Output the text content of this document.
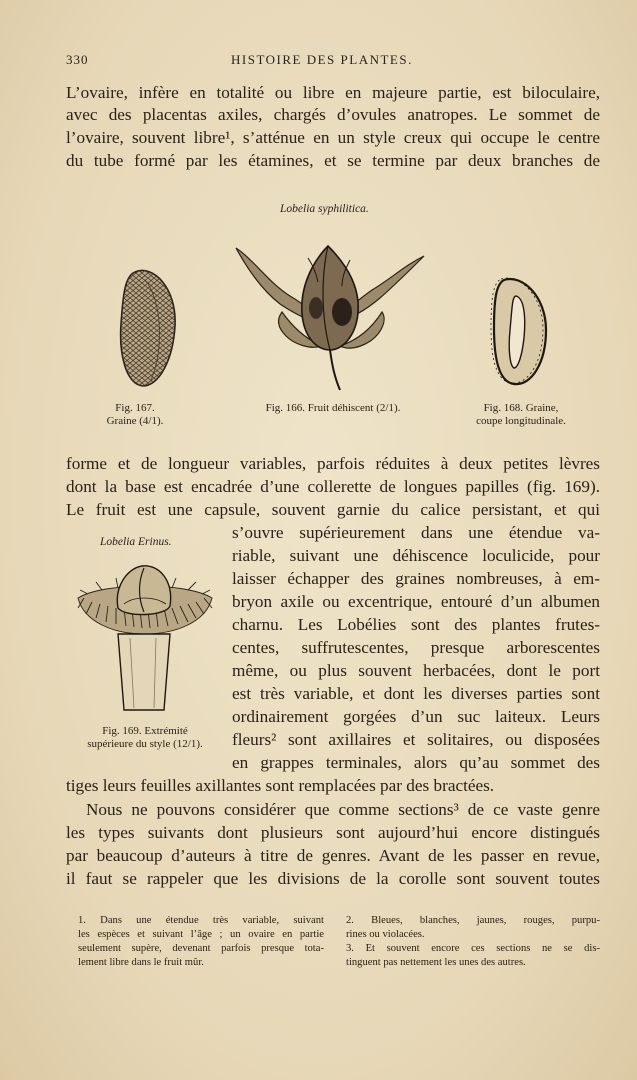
330	HISTOIRE DES PLANTES.
L’ovaire, infère en totalité ou libre en majeure partie, est biloculaire,
avec des placentas axiles, chargés d’ovules anatropes. Le sommet de
l’ovaire, souvent libre¹, s’atténue en un style creux qui occupe le centre
du tube formé par les étamines, et se termine par deux branches de
Lobelia syphilitica.
Fig. 167.
Graine (4/1).
Fig. 166. Fruit déhiscent (2/1).	Fig. 168. Graine,
coupe longitudinale.
forme et de longueur variables, parfois réduites à deux petites lèvres
dont la base est encadrée d’une collerette de longues papilles (fig. 169).
Le fruit est une capsule, souvent garnie du calice persistant, et qui
Lobelia Erinus.
Fig. 169. Extrémité
supérieure du style (12/1).
s’ouvre supérieurement dans une étendue va-
riable, suivant une déhiscence loculicide, pour
laisser échapper des graines nombreuses, à em-
bryon axile ou excentrique, entouré d’un albumen
charnu. Les Lobélies sont des plantes frutes-
centes, suffrutescentes, presque arborescentes
même, ou plus souvent herbacées, dont le port
est très variable, et dont les diverses parties sont
ordinairement gorgées d’un suc laiteux. Leurs
fleurs² sont axillaires et solitaires, ou disposées
en grappes terminales, alors qu’au sommet des
tiges leurs feuilles axillantes sont remplacées par des bractées.
Nous ne pouvons considérer que comme sections³ de ce vaste genre
les types suivants dont plusieurs sont aujourd’hui encore distingués
par beaucoup d’auteurs à titre de genres. Avant de les passer en revue,
il faut se rappeler que les divisions de la corolle sont souvent toutes
1. Dans une étendue très variable, suivant
les espèces et suivant l’âge ; un ovaire en partie
seulement supère, devenant parfois presque tota-
lement libre dans le fruit mûr.
2. Bleues, blanches, jaunes, rouges, purpu-
rines ou violacées.
3. Et souvent encore ces sections ne se dis-
tinguent pas nettement les unes des autres.
